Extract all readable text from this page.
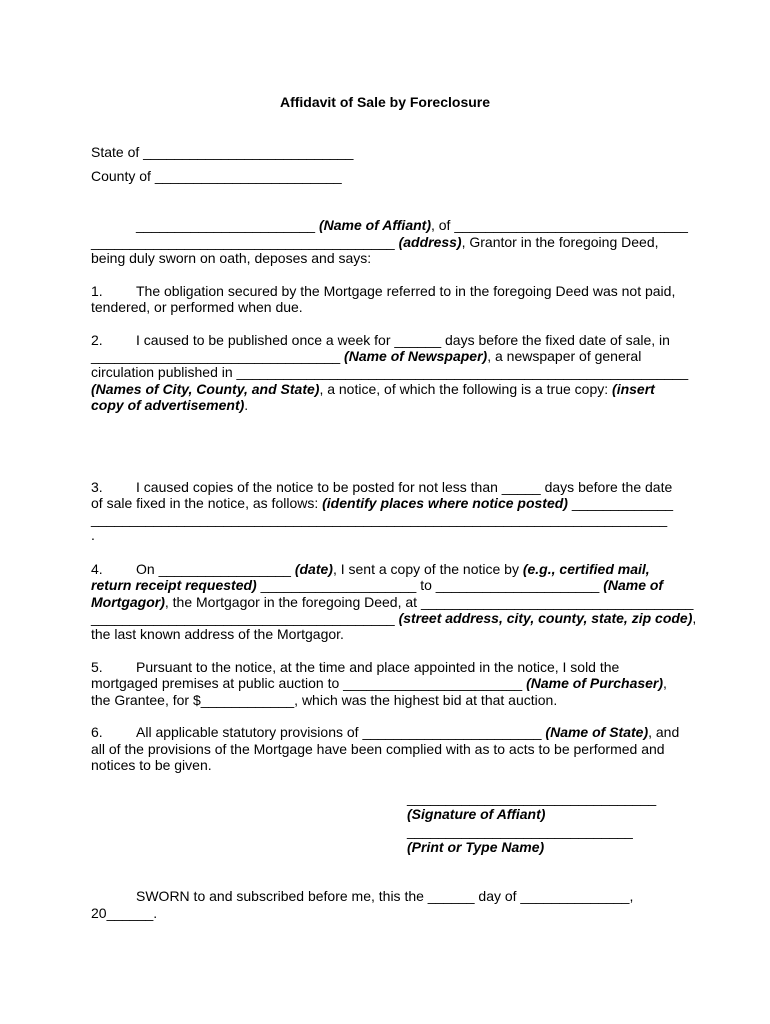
Affidavit of Sale by Foreclosure
State of ___________________________
County of ________________________
_______________________ (Name of Affiant), of ______________________________
_______________________________________ (address), Grantor in the foregoing Deed,
being duly sworn on oath, deposes and says:
1. The obligation secured by the Mortgage referred to in the foregoing Deed was not paid,
tendered, or performed when due.
2. I caused to be published once a week for ______ days before the fixed date of sale, in
________________________________ (Name of Newspaper), a newspaper of general
circulation published in __________________________________________________________
(Names of City, County, and State), a notice, of which the following is a true copy: (insert
copy of advertisement).
3. I caused copies of the notice to be posted for not less than _____ days before the date
of sale fixed in the notice, as follows: (identify places where notice posted) _____________
__________________________________________________________________________
.
4. On _________________ (date), I sent a copy of the notice by (e.g., certified mail,
return receipt requested) ____________________ to _____________________ (Name of
Mortgagor), the Mortgagor in the foregoing Deed, at ___________________________________
_______________________________________ (street address, city, county, state, zip code),
the last known address of the Mortgagor.
5. Pursuant to the notice, at the time and place appointed in the notice, I sold the
mortgaged premises at public auction to _______________________ (Name of Purchaser),
the Grantee, for $____________, which was the highest bid at that auction.
6. All applicable statutory provisions of _______________________ (Name of State), and
all of the provisions of the Mortgage have been complied with as to acts to be performed and
notices to be given.
________________________________
(Signature of Affiant)
_____________________________
(Print or Type Name)
SWORN to and subscribed before me, this the ______ day of ______________,
20______.
